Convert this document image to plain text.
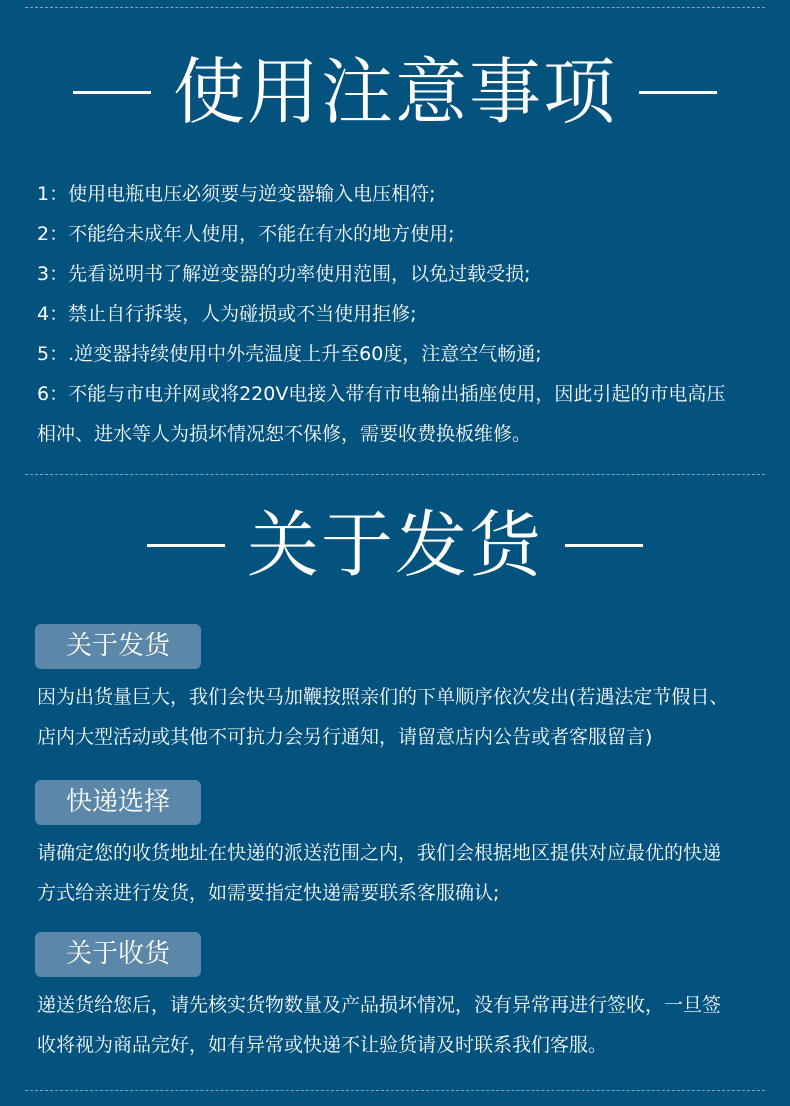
使用注意事项
1：使用电瓶电压必须要与逆变器输入电压相符;
2：不能给未成年人使用，不能在有水的地方使用;
3：先看说明书了解逆变器的功率使用范围，以免过载受损;
4：禁止自行拆装，人为碰损或不当使用拒修;
5：.逆变器持续使用中外壳温度上升至60度，注意空气畅通;
6：不能与市电并网或将220V电接入带有市电输出插座使用，因此引起的市电高压
相冲、进水等人为损坏情况恕不保修，需要收费换板维修。
关于发货
关于发货
因为出货量巨大，我们会快马加鞭按照亲们的下单顺序依次发出(若遇法定节假日、
店内大型活动或其他不可抗力会另行通知，请留意店内公告或者客服留言)
快递选择
请确定您的收货地址在快递的派送范围之内，我们会根据地区提供对应最优的快递
方式给亲进行发货，如需要指定快递需要联系客服确认;
关于收货
递送货给您后，请先核实货物数量及产品损坏情况，没有异常再进行签收，一旦签
收将视为商品完好，如有异常或快递不让验货请及时联系我们客服。
